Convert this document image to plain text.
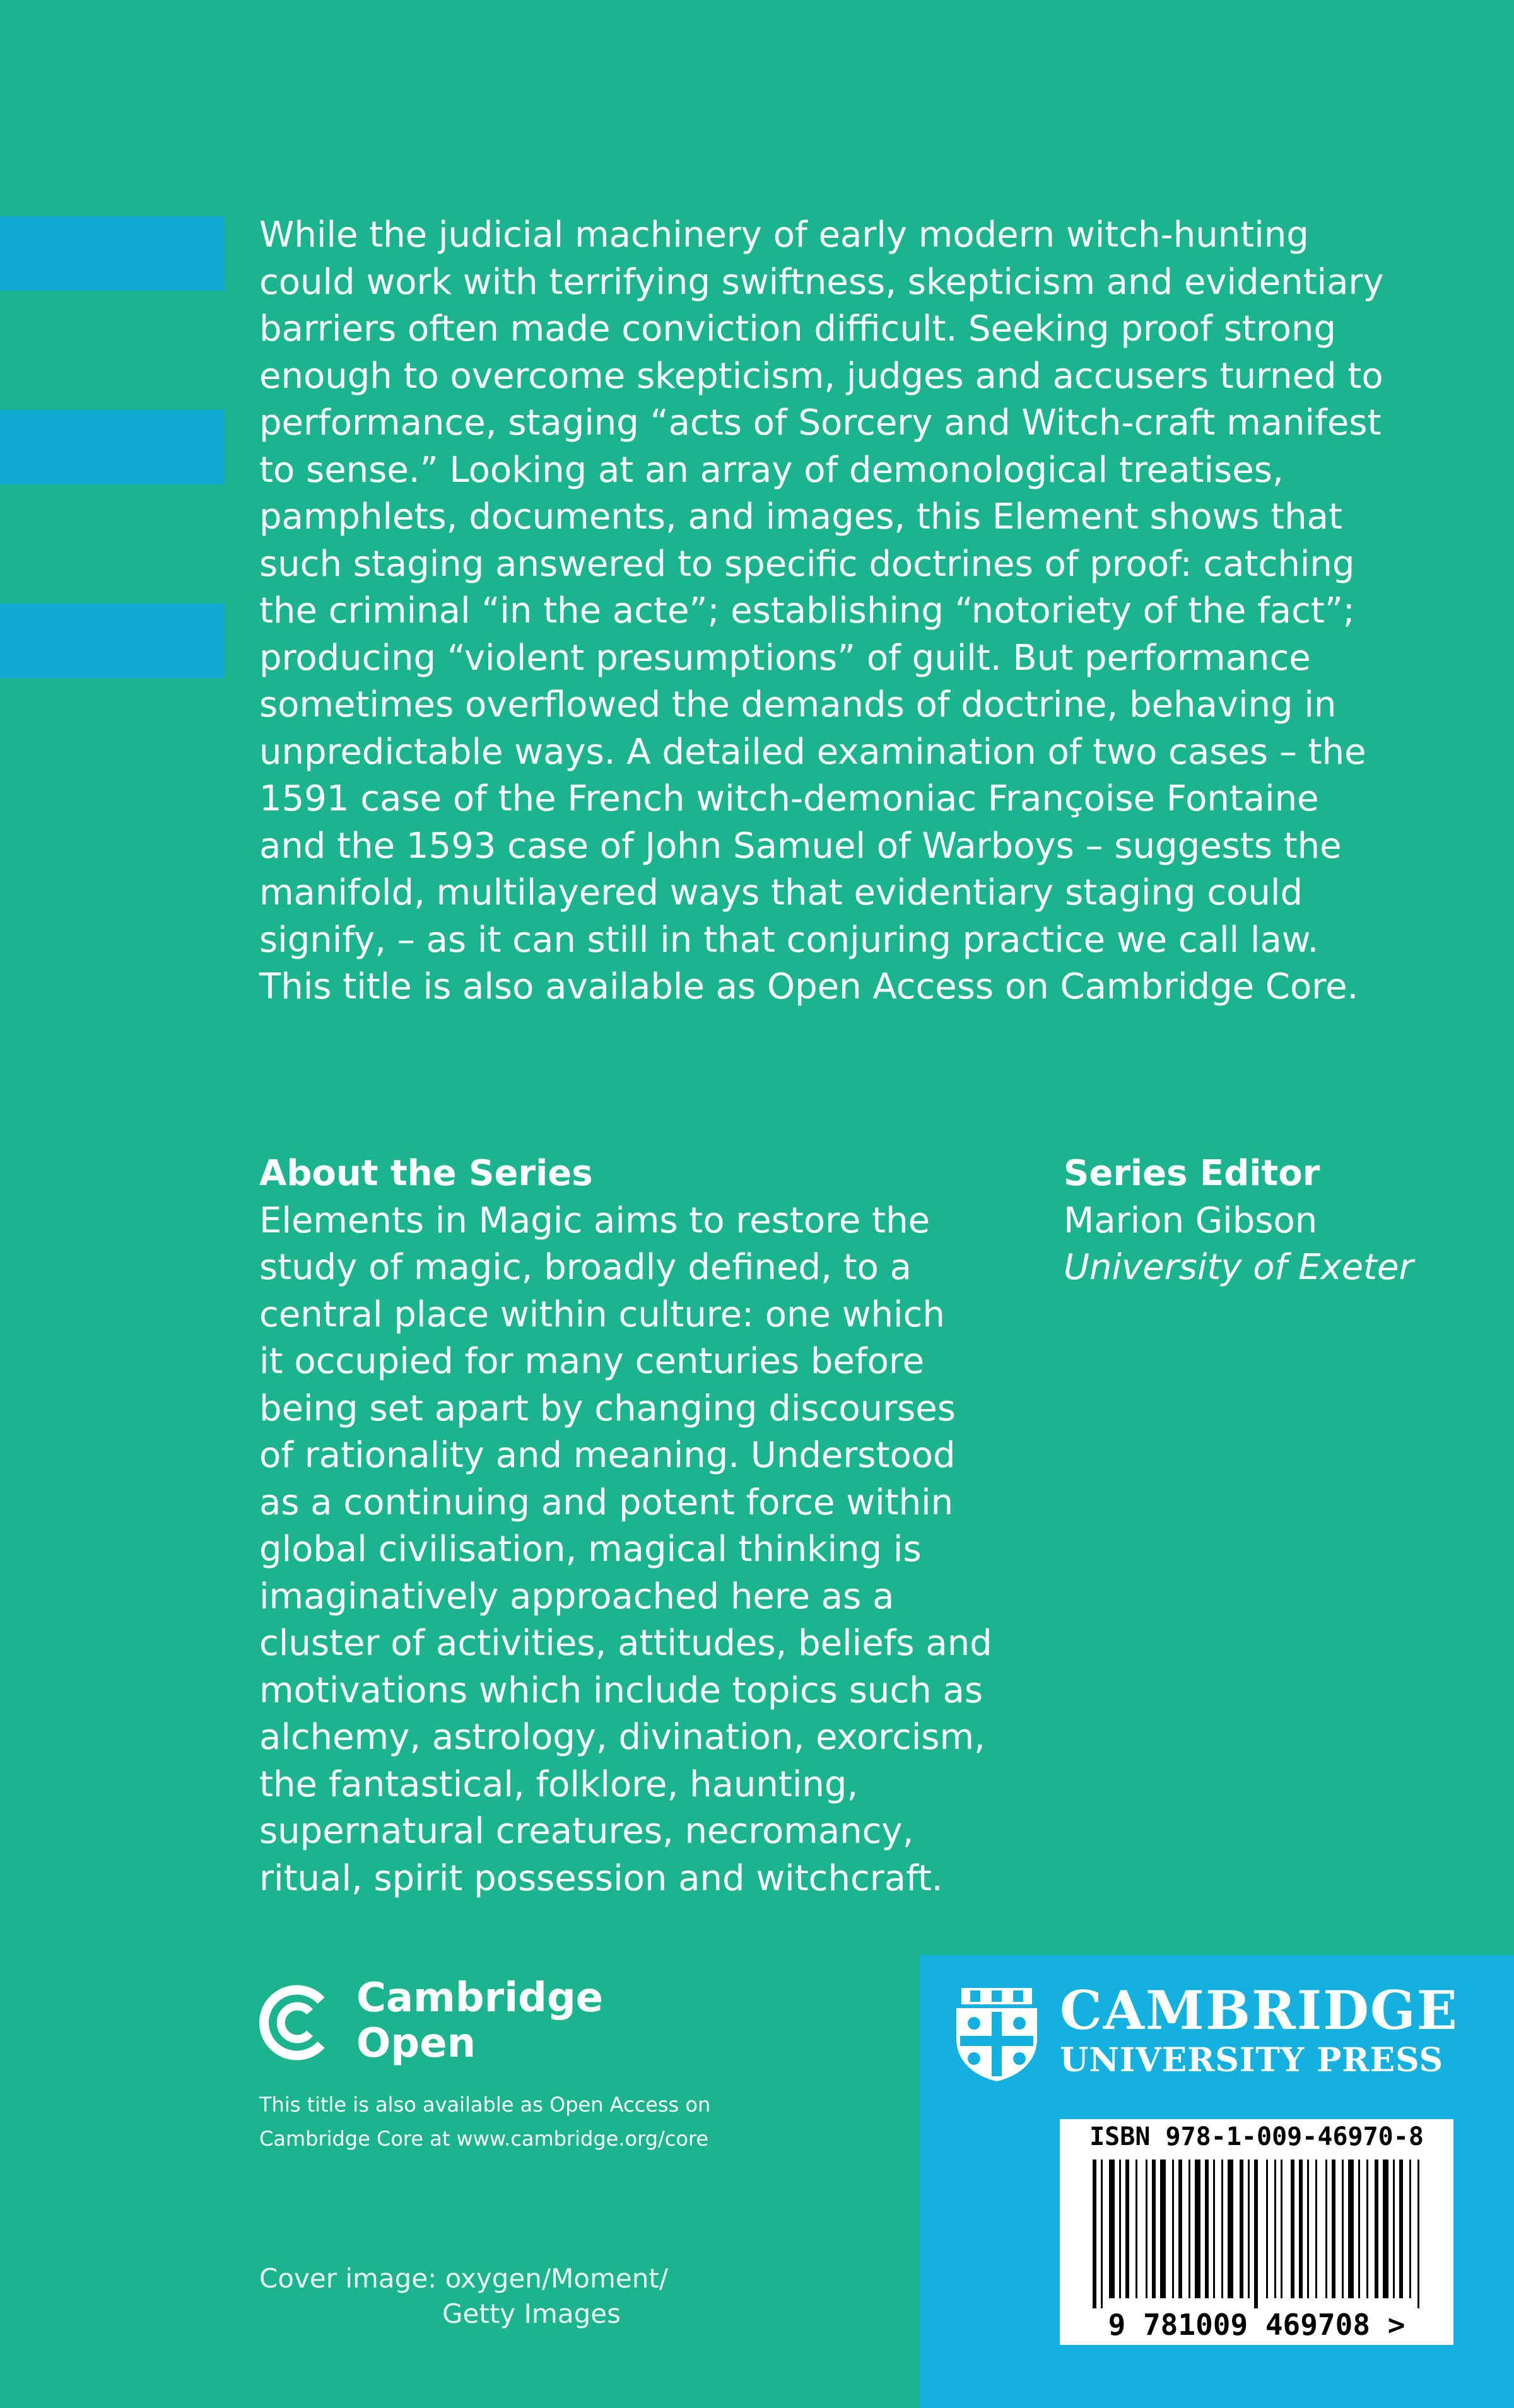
While the judicial machinery of early modern witch-hunting
could work with terrifying swiftness, skepticism and evidentiary
barriers often made conviction difficult. Seeking proof strong
enough to overcome skepticism, judges and accusers turned to
performance, staging “acts of Sorcery and Witch-craft manifest
to sense.” Looking at an array of demonological treatises,
pamphlets, documents, and images, this Element shows that
such staging answered to specific doctrines of proof: catching
the criminal “in the acte”; establishing “notoriety of the fact”;
producing “violent presumptions” of guilt. But performance
sometimes overflowed the demands of doctrine, behaving in
unpredictable ways. A detailed examination of two cases – the
1591 case of the French witch-demoniac Françoise Fontaine
and the 1593 case of John Samuel of Warboys – suggests the
manifold, multilayered ways that evidentiary staging could
signify, – as it can still in that conjuring practice we call law.
This title is also available as Open Access on Cambridge Core.

About the Series
Elements in Magic aims to restore the
study of magic, broadly defined, to a
central place within culture: one which
it occupied for many centuries before
being set apart by changing discourses
of rationality and meaning. Understood
as a continuing and potent force within
global civilisation, magical thinking is
imaginatively approached here as a
cluster of activities, attitudes, beliefs and
motivations which include topics such as
alchemy, astrology, divination, exorcism,
the fantastical, folklore, haunting,
supernatural creatures, necromancy,
ritual, spirit possession and witchcraft.
Series Editor
Marion Gibson
University of Exeter
Cambridge
Open
This title is also available as Open Access on
Cambridge Core at www.cambridge.org/core
Cover image: oxygen/Moment/
Getty Images
CAMBRIDGE
UNIVERSITY PRESS
ISBN 978-1-009-46970-8
9 781009 469708 >
